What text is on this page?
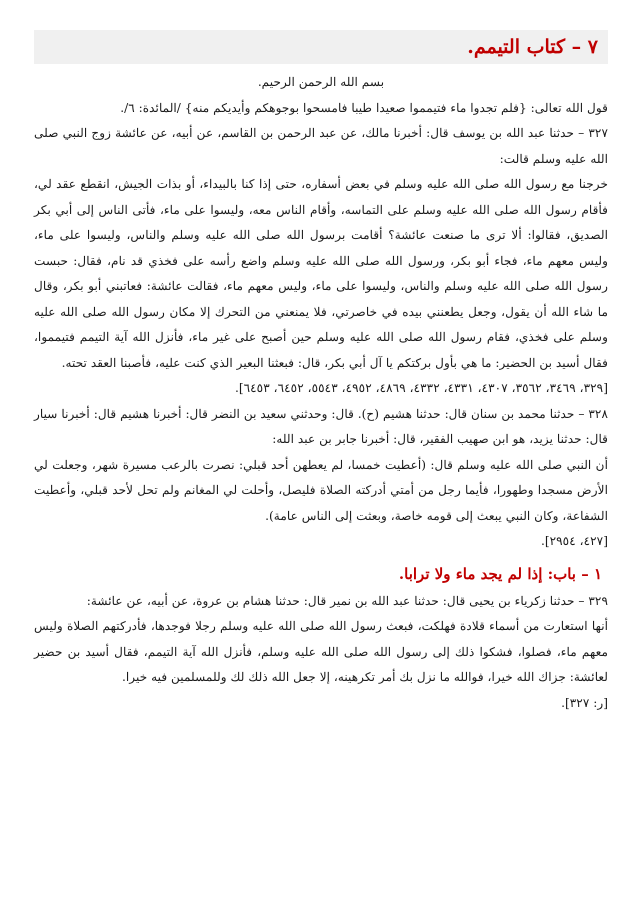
٧ – كتاب التيمم.

بسم الله الرحمن الرحيم.

قول الله تعالى: {فلم تجدوا ماء فتيمموا صعيدا طيبا فامسحوا بوجوهكم وأيديكم منه} /المائدة: ٦/.

٣٢٧ – حدثنا عبد الله بن يوسف قال: أخبرنا مالك، عن عبد الرحمن بن القاسم، عن أبيه، عن عائشة زوج النبي صلى الله عليه وسلم قالت:

خرجنا مع رسول الله صلى الله عليه وسلم في بعض أسفاره، حتى إذا كنا بالبيداء، أو بذات الجيش، انقطع عقد لي، فأقام رسول الله صلى الله عليه وسلم على التماسه، وأقام الناس معه، وليسوا على ماء، فأتى الناس إلى أبي بكر الصديق، فقالوا: ألا ترى ما صنعت عائشة؟ أقامت برسول الله صلى الله عليه وسلم والناس، وليسوا على ماء، وليس معهم ماء، فجاء أبو بكر، ورسول الله صلى الله عليه وسلم واضع رأسه على فخذي قد نام، فقال: حبست رسول الله صلى الله عليه وسلم والناس، وليسوا على ماء، وليس معهم ماء، فقالت عائشة: فعاتبني أبو بكر، وقال ما شاء الله أن يقول، وجعل يطعنني بيده في خاصرتي، فلا يمنعني من التحرك إلا مكان رسول الله صلى الله عليه وسلم على فخذي، فقام رسول الله صلى الله عليه وسلم حين أصبح على غير ماء، فأنزل الله آية التيمم فتيمموا، فقال أسيد بن الحضير: ما هي بأول بركتكم يا آل أبي بكر، قال: فبعثنا البعير الذي كنت عليه، فأصبنا العقد تحته.

[٣٢٩، ٣٤٦٩، ٣٥٦٢، ٤٣٠٧، ٤٣٣١، ٤٣٣٢، ٤٨٦٩، ٤٩٥٢، ٥٥٤٣، ٦٤٥٢، ٦٤٥٣].

٣٢٨ – حدثنا محمد بن سنان قال: حدثنا هشيم (ح). قال: وحدثني سعيد بن النضر قال: أخبرنا هشيم قال: أخبرنا سيار قال: حدثنا يزيد، هو ابن صهيب الفقير، قال: أخبرنا جابر بن عبد الله:

أن النبي صلى الله عليه وسلم قال: (أعطيت خمسا، لم يعطهن أحد قبلي: نصرت بالرعب مسيرة شهر، وجعلت لي الأرض مسجدا وطهورا، فأيما رجل من أمتي أدركته الصلاة فليصل، وأحلت لي المغانم ولم تحل لأحد قبلي، وأعطيت الشفاعة، وكان النبي يبعث إلى قومه خاصة، وبعثت إلى الناس عامة).

[٤٢٧، ٢٩٥٤].

١ – باب: إذا لم يجد ماء ولا ترابا.

٣٢٩ – حدثنا زكرياء بن يحيى قال: حدثنا عبد الله بن نمير قال: حدثنا هشام بن عروة، عن أبيه، عن عائشة:

أنها استعارت من أسماء قلادة فهلكت، فبعث رسول الله صلى الله عليه وسلم رجلا فوجدها، فأدركتهم الصلاة وليس معهم ماء، فصلوا، فشكوا ذلك إلى رسول الله صلى الله عليه وسلم، فأنزل الله آية التيمم، فقال أسيد بن حضير لعائشة: جزاك الله خيرا، فوالله ما نزل بك أمر تكرهينه، إلا جعل الله ذلك لك وللمسلمين فيه خيرا.

[ر: ٣٢٧].
